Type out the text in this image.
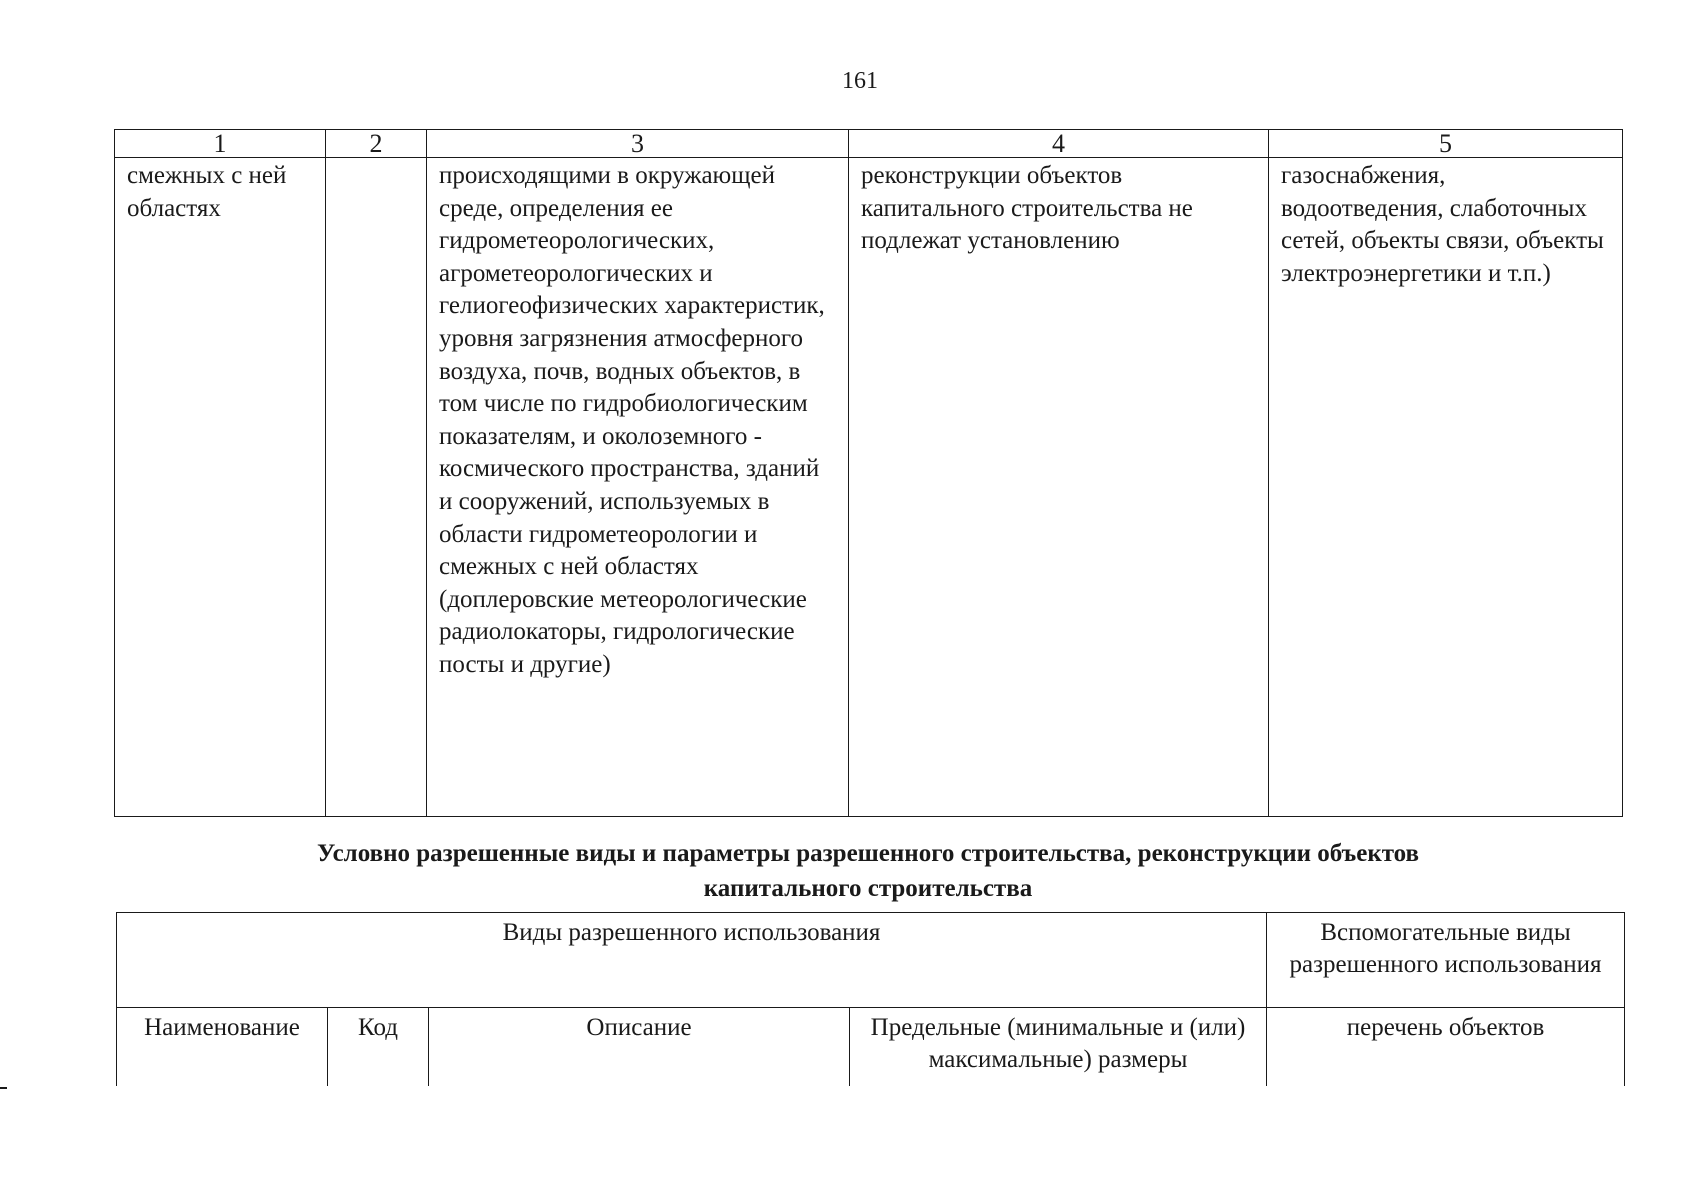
161
1	2	3	4	5
смежных с ней областях		происходящими в окружающей среде, определения ее гидрометеорологических, агрометеорологических и гелиогеофизических характеристик, уровня загрязнения атмосферного воздуха, почв, водных объектов, в том числе по гидробиологическим показателям, и околоземного - космического пространства, зданий и сооружений, используемых в области гидрометеорологии и смежных с ней областях (доплеровские метеорологические радиолокаторы, гидрологические посты и другие)	реконструкции объектов капитального строительства не подлежат установлению	газоснабжения, водоотведения, слаботочных сетей, объекты связи, объекты электроэнергетики и т.п.)
Условно разрешенные виды и параметры разрешенного строительства, реконструкции объектов
капитального строительства
Виды разрешенного использования				Вспомогательные виды разрешенного использования
Наименование	Код	Описание	Предельные (минимальные и (или) максимальные) размеры	перечень объектов
